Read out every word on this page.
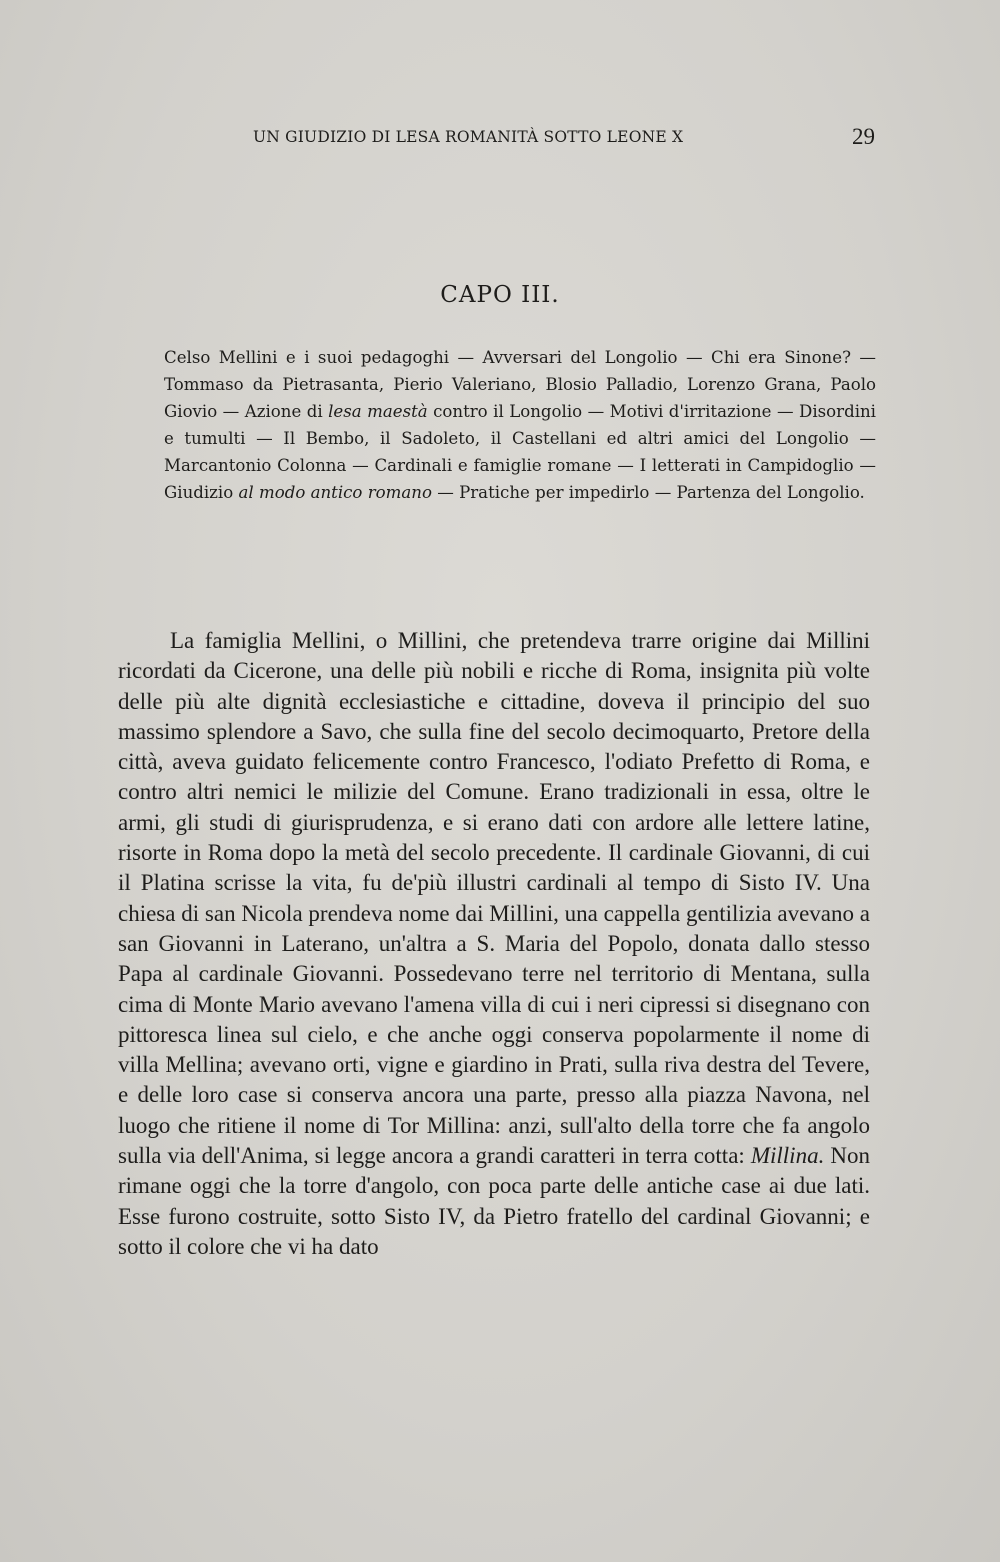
UN GIUDIZIO DI LESA ROMANITÀ SOTTO LEONE X	29
CAPO III.
Celso Mellini e i suoi pedagoghi — Avversari del Longolio — Chi era Sinone? — Tommaso da Pietrasanta, Pierio Valeriano, Blosio Palladio, Lorenzo Grana, Paolo Giovio — Azione di lesa maestà contro il Longolio — Motivi d'irritazione — Disordini e tumulti — Il Bembo, il Sadoleto, il Castellani ed altri amici del Longolio — Marcantonio Colonna — Cardinali e famiglie romane — I letterati in Campidoglio — Giudizio al modo antico romano — Pratiche per impedirlo — Partenza del Longolio.
La famiglia Mellini, o Millini, che pretendeva trarre origine dai Millini ricordati da Cicerone, una delle più nobili e ricche di Roma, insignita più volte delle più alte dignità ecclesiastiche e cittadine, doveva il principio del suo massimo splendore a Savo, che sulla fine del secolo decimoquarto, Pretore della città, aveva guidato felicemente contro Francesco, l'odiato Prefetto di Roma, e contro altri nemici le milizie del Comune. Erano tradizionali in essa, oltre le armi, gli studi di giurisprudenza, e si erano dati con ardore alle lettere latine, risorte in Roma dopo la metà del secolo precedente. Il cardinale Giovanni, di cui il Platina scrisse la vita, fu de'più illustri cardinali al tempo di Sisto IV. Una chiesa di san Nicola prendeva nome dai Millini, una cappella gentilizia avevano a san Giovanni in Laterano, un'altra a S. Maria del Popolo, donata dallo stesso Papa al cardinale Giovanni. Possedevano terre nel territorio di Mentana, sulla cima di Monte Mario avevano l'amena villa di cui i neri cipressi si disegnano con pittoresca linea sul cielo, e che anche oggi conserva popolarmente il nome di villa Mellina; avevano orti, vigne e giardino in Prati, sulla riva destra del Tevere, e delle loro case si conserva ancora una parte, presso alla piazza Navona, nel luogo che ritiene il nome di Tor Millina: anzi, sull'alto della torre che fa angolo sulla via dell'Anima, si legge ancora a grandi caratteri in terra cotta: Millina. Non rimane oggi che la torre d'angolo, con poca parte delle antiche case ai due lati. Esse furono costruite, sotto Sisto IV, da Pietro fratello del cardinal Giovanni; e sotto il colore che vi ha dato
